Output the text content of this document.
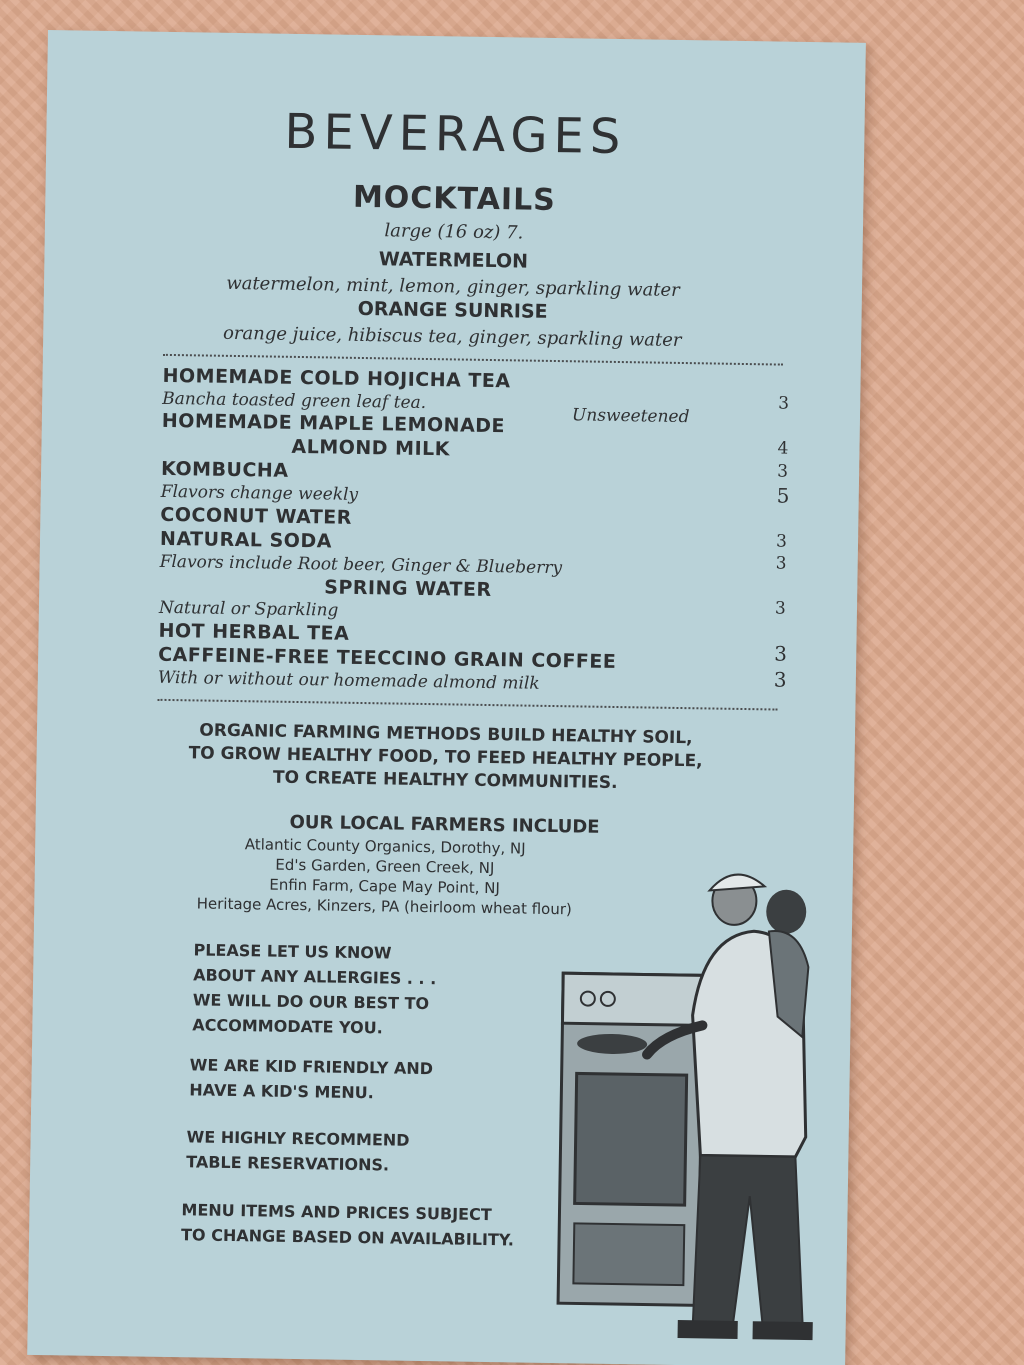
BEVERAGES
MOCKTAILS
large (16 oz) 7.
WATERMELON
watermelon, mint, lemon, ginger, sparkling water
ORANGE SUNRISE
orange juice, hibiscus tea, ginger, sparkling water
HOMEMADE COLD HOJICHA TEA
Bancha toasted green leaf tea.
Unsweetened
HOMEMADE MAPLE LEMONADE
ALMOND MILK
KOMBUCHA
Flavors change weekly
COCONUT WATER
NATURAL SODA
Flavors include Root beer, Ginger & Blueberry
SPRING WATER
Natural or Sparkling
HOT HERBAL TEA
CAFFEINE-FREE TEECCINO GRAIN COFFEE
With or without our homemade almond milk
3
4
3
5
3
3
3
3
3
ORGANIC FARMING METHODS BUILD HEALTHY SOIL,
TO GROW HEALTHY FOOD, TO FEED HEALTHY PEOPLE,
TO CREATE HEALTHY COMMUNITIES.
OUR LOCAL FARMERS INCLUDE
Atlantic County Organics, Dorothy, NJ
Ed's Garden, Green Creek, NJ
Enfin Farm, Cape May Point, NJ
Heritage Acres, Kinzers, PA (heirloom wheat flour)
PLEASE LET US KNOW
ABOUT ANY ALLERGIES . . .
WE WILL DO OUR BEST TO
ACCOMMODATE YOU.
WE ARE KID FRIENDLY AND
HAVE A KID'S MENU.
WE HIGHLY RECOMMEND
TABLE RESERVATIONS.
MENU ITEMS AND PRICES SUBJECT
TO CHANGE BASED ON AVAILABILITY.
